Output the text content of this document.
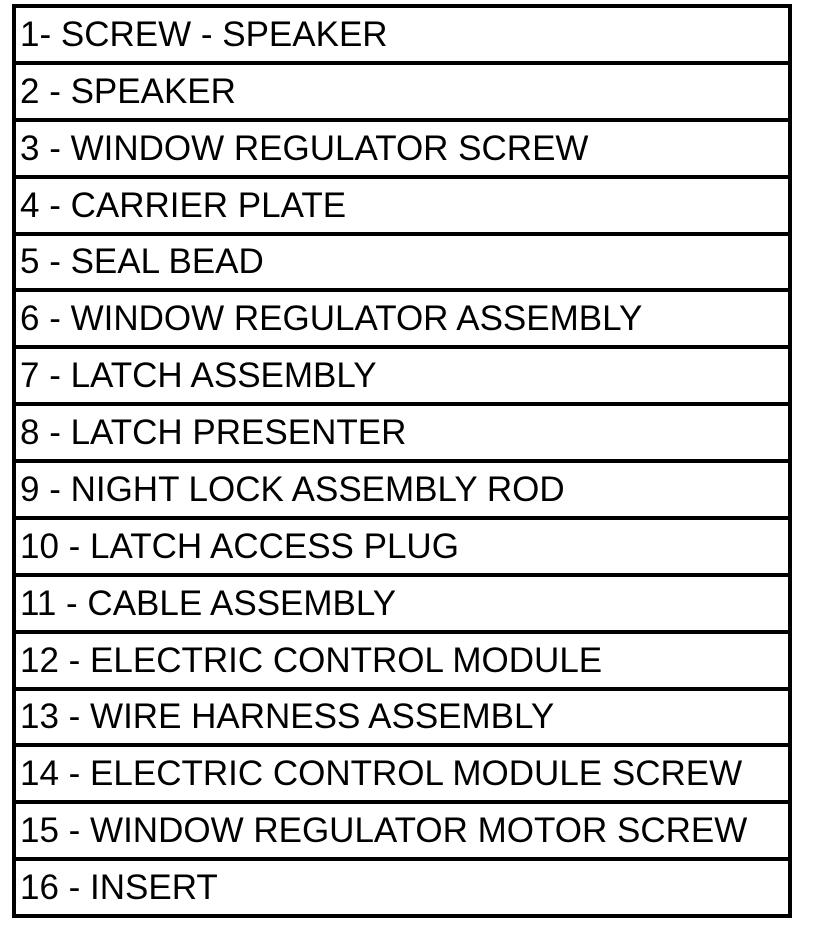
1- SCREW - SPEAKER
2 - SPEAKER
3 - WINDOW REGULATOR SCREW
4 - CARRIER PLATE
5 - SEAL BEAD
6 - WINDOW REGULATOR ASSEMBLY
7 - LATCH ASSEMBLY
8 - LATCH PRESENTER
9 - NIGHT LOCK ASSEMBLY ROD
10 - LATCH ACCESS PLUG
11 - CABLE ASSEMBLY
12 - ELECTRIC CONTROL MODULE
13 - WIRE HARNESS ASSEMBLY
14 - ELECTRIC CONTROL MODULE SCREW
15 - WINDOW REGULATOR MOTOR SCREW
16 - INSERT
